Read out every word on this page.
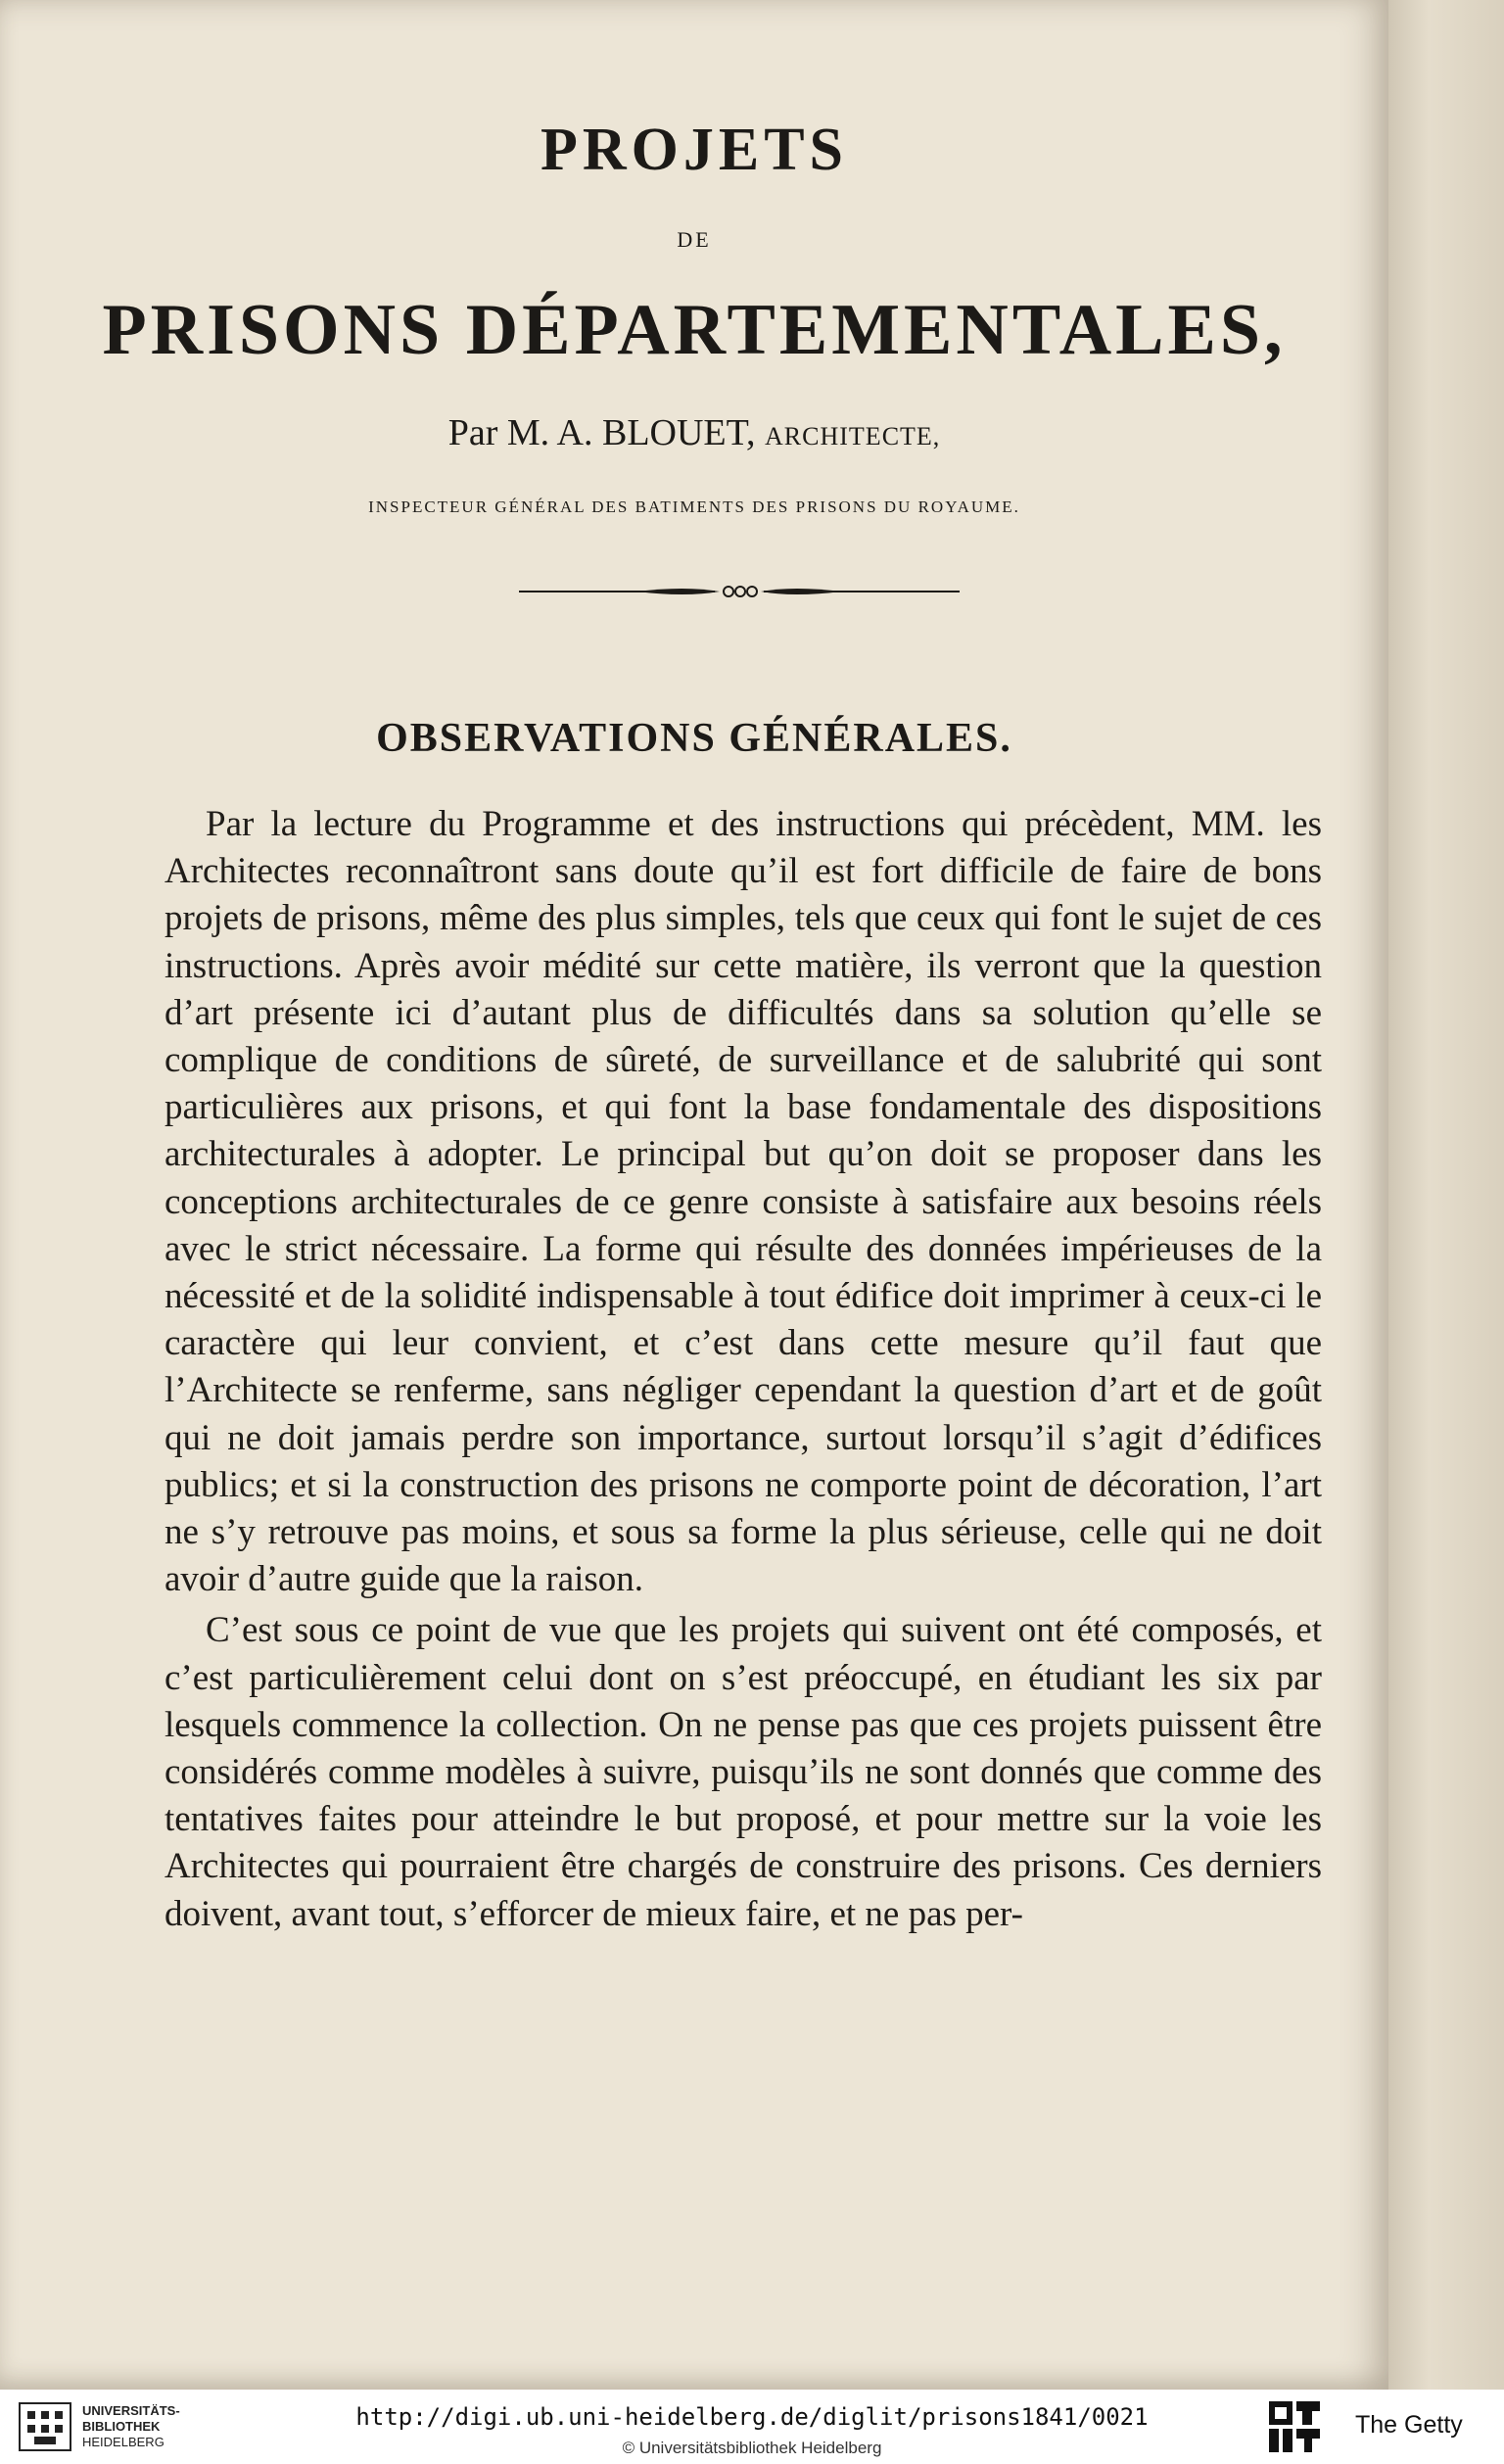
PROJETS
DE
PRISONS DÉPARTEMENTALES,
Par M. A. BLOUET, ARCHITECTE,
INSPECTEUR GÉNÉRAL DES BATIMENTS DES PRISONS DU ROYAUME.
OBSERVATIONS GÉNÉRALES.

Par la lecture du Programme et des instructions qui précèdent, MM. les Architectes reconnaîtront sans doute qu’il est fort difficile de faire de bons projets de prisons, même des plus simples, tels que ceux qui font le sujet de ces instructions. Après avoir médité sur cette matière, ils verront que la question d’art présente ici d’autant plus de difficultés dans sa solution qu’elle se complique de conditions de sûreté, de surveillance et de salubrité qui sont particulières aux prisons, et qui font la base fondamentale des dispositions architecturales à adopter. Le principal but qu’on doit se proposer dans les conceptions architecturales de ce genre consiste à satisfaire aux besoins réels avec le strict nécessaire. La forme qui résulte des données impérieuses de la nécessité et de la solidité indispensable à tout édifice doit imprimer à ceux-ci le caractère qui leur convient, et c’est dans cette mesure qu’il faut que l’Architecte se renferme, sans négliger cependant la question d’art et de goût qui ne doit jamais perdre son importance, surtout lorsqu’il s’agit d’édifices publics; et si la construction des prisons ne comporte point de décoration, l’art ne s’y retrouve pas moins, et sous sa forme la plus sérieuse, celle qui ne doit avoir d’autre guide que la raison.

C’est sous ce point de vue que les projets qui suivent ont été composés, et c’est particulièrement celui dont on s’est préoccupé, en étudiant les six par lesquels commence la collection. On ne pense pas que ces projets puissent être considérés comme modèles à suivre, puisqu’ils ne sont donnés que comme des tentatives faites pour atteindre le but proposé, et pour mettre sur la voie les Architectes qui pourraient être chargés de construire des prisons. Ces derniers doivent, avant tout, s’efforcer de mieux faire, et ne pas per-

UNIVERSITÄTS-
BIBLIOTHEK
HEIDELBERG
http://digi.ub.uni-heidelberg.de/diglit/prisons1841/0021
© Universitätsbibliothek Heidelberg
The Getty
